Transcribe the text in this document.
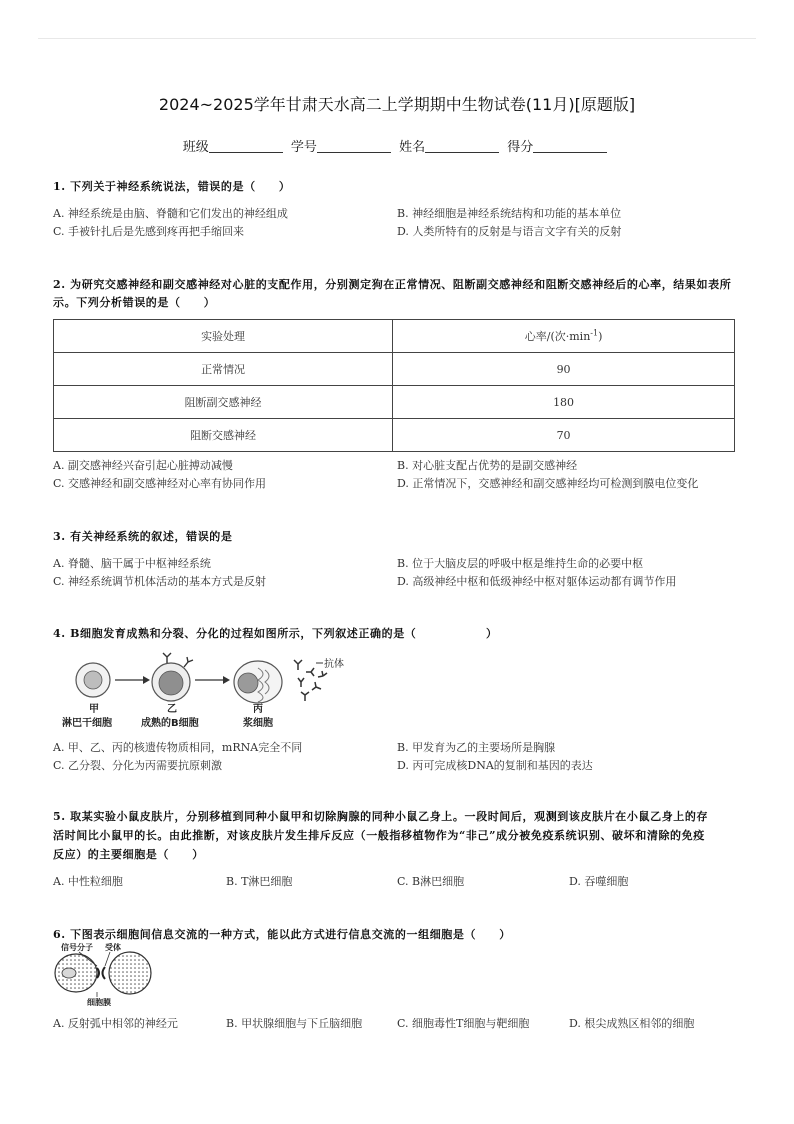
2024~2025学年甘肃天水高二上学期期中生物试卷(11月)[原题版]
班级	学号	姓名	得分
1. 下列关于神经系统说法，错误的是（　　）
A. 神经系统是由脑、脊髓和它们发出的神经组成	B. 神经细胞是神经系统结构和功能的基本单位
C. 手被针扎后是先感到疼再把手缩回来	D. 人类所特有的反射是与语言文字有关的反射
2. 为研究交感神经和副交感神经对心脏的支配作用，分别测定狗在正常情况、阻断副交感神经和阻断交感神经后的心率，结果如表所示。下列分析错误的是（　　）
实验处理	心率/(次$\cdot\min^{-1}$)
正常情况	90
阻断副交感神经	180
阻断交感神经	70
A. 副交感神经兴奋引起心脏搏动减慢	B. 对心脏支配占优势的是副交感神经
C. 交感神经和副交感神经对心率有协同作用	D. 正常情况下，交感神经和副交感神经均可检测到膜电位变化
3. 有关神经系统的叙述，错误的是
A. 脊髓、脑干属于中枢神经系统	B. 位于大脑皮层的呼吸中枢是维持生命的必要中枢
C. 神经系统调节机体活动的基本方式是反射	D. 高级神经中枢和低级神经中枢对躯体运动都有调节作用
4. B细胞发育成熟和分裂、分化的过程如图所示，下列叙述正确的是（　　　　　　）
抗体
甲
淋巴干细胞
乙
成熟的B细胞
丙
浆细胞
A. 甲、乙、丙的核遗传物质相同，mRNA完全不同	B. 甲发育为乙的主要场所是胸腺
C. 乙分裂、分化为丙需要抗原刺激	D. 丙可完成核DNA的复制和基因的表达
5. 取某实验小鼠皮肤片，分别移植到同种小鼠甲和切除胸腺的同种小鼠乙身上。一段时间后，观测到该皮肤片在小鼠乙身上的存
活时间比小鼠甲的长。由此推断，对该皮肤片发生排斥反应（一般指移植物作为“非己”成分被免疫系统识别、破坏和清除的免疫
反应）的主要细胞是（　　）
A. 中性粒细胞	B. T淋巴细胞	C. B淋巴细胞	D. 吞噬细胞
6. 下图表示细胞间信息交流的一种方式，能以此方式进行信息交流的一组细胞是（　　）
信号分子 受体
细胞膜
A. 反射弧中相邻的神经元	B. 甲状腺细胞与下丘脑细胞	C. 细胞毒性T细胞与靶细胞	D. 根尖成熟区相邻的细胞
